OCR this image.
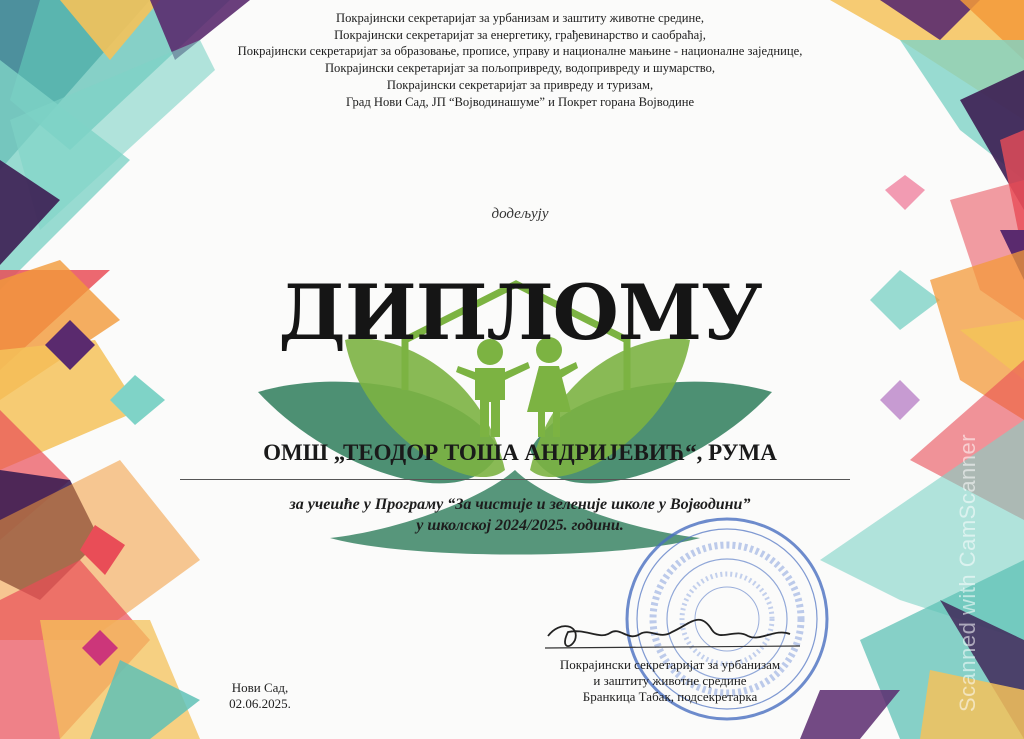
Покрајински секретаријат за урбанизам и заштиту животне средине,
Покрајински секретаријат за енергетику, грађевинарство и саобраћај,
Покрајински секретаријат за образовање, прописе, управу и националне мањине - националне заједнице,
Покрајински секретаријат за пољопривреду, водопривреду и шумарство,
Покрајински секретаријат за привреду и туризам,
Град Нови Сад, ЈП “Војводинашуме” и Покрет горана Војводине
додељују
ДИПЛОМУ
ОМШ „ТЕОДОР ТОША АНДРИЈЕВИЋ“, РУМА
за учешће у Програму “За чистије и зеленије школе у Војводини”
у школској 2024/2025. години.
Нови Сад,
02.06.2025.
Покрајински секретаријат за урбанизам
и заштиту животне средине
Бранкица Табак, подсекретарка	Scanned with CamScanner
